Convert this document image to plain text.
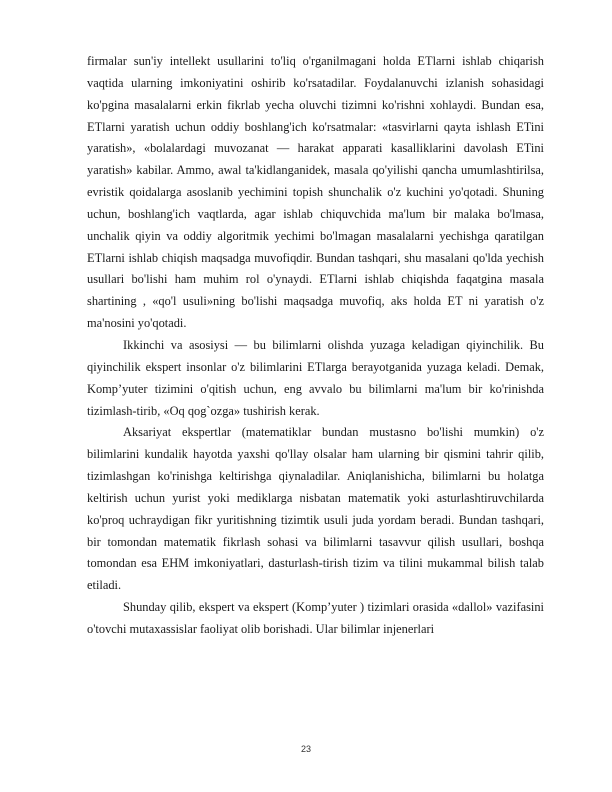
firmalar sun'iy intellekt usullarini to'liq o'rganilmagani holda ETlarni ishlab chiqarish vaqtida ularning imkoniyatini oshirib ko'rsatadilar. Foydalanuvchi izlanish sohasidagi ko'pgina masalalarni erkin fikrlab yecha oluvchi tizimni ko'rishni xohlaydi. Bundan esa, ETlarni yaratish uchun oddiy boshlang'ich ko'rsatmalar: «tasvirlarni qayta ishlash ETini yaratish», «bolalardagi muvozanat — harakat apparati kasalliklarini davolash ETini yaratish» kabilar. Ammo, awal ta'kidlanganidek, masala qo'yilishi qancha umumlashtirilsa, evristik qoidalarga asoslanib yechimini topish shunchalik o'z kuchini yo'qotadi. Shuning uchun, boshlang'ich vaqtlarda, agar ishlab chiquvchida ma'lum bir malaka bo'lmasa, unchalik qiyin va oddiy algoritmik yechimi bo'lmagan masalalarni yechishga qaratilgan ETlarni ishlab chiqish maqsadga muvofiqdir. Bundan tashqari, shu masalani qo'lda yechish usullari bo'lishi ham muhim rol o'ynaydi. ETlarni ishlab chiqishda faqatgina masala shartining , «qo'l usuli»ning bo'lishi maqsadga muvofiq, aks holda ET ni yaratish o'z ma'nosini yo'qotadi.

Ikkinchi va asosiysi — bu bilimlarni olishda yuzaga keladigan qiyinchilik. Bu qiyinchilik ekspert insonlar o'z bilimlarini ETlarga berayotganida yuzaga keladi. Demak, Komp’yuter tizimini o'qitish uchun, eng avvalo bu bilimlarni ma'lum bir ko'rinishda tizimlash-tirib, «Oq qog`ozga» tushirish kerak.

Aksariyat ekspertlar (matematiklar bundan mustasno bo'lishi mumkin) o'z bilimlarini kundalik hayotda yaxshi qo'llay olsalar ham ularning bir qismini tahrir qilib, tizimlashgan ko'rinishga keltirishga qiynaladilar. Aniqlanishicha, bilimlarni bu holatga keltirish uchun yurist yoki mediklarga nisbatan matematik yoki asturlashtiruvchilarda ko'proq uchraydigan fikr yuritishning tizimtik usuli juda yordam beradi. Bundan tashqari, bir tomondan matematik fikrlash sohasi va bilimlarni tasavvur qilish usullari, boshqa tomondan esa EHM imkoniyatlari, dasturlash-tirish tizim va tilini mukammal bilish talab etiladi.

Shunday qilib, ekspert va ekspert (Komp’yuter ) tizimlari orasida «dallol» vazifasini o'tovchi mutaxassislar faoliyat olib borishadi. Ular bilimlar injenerlari

23
